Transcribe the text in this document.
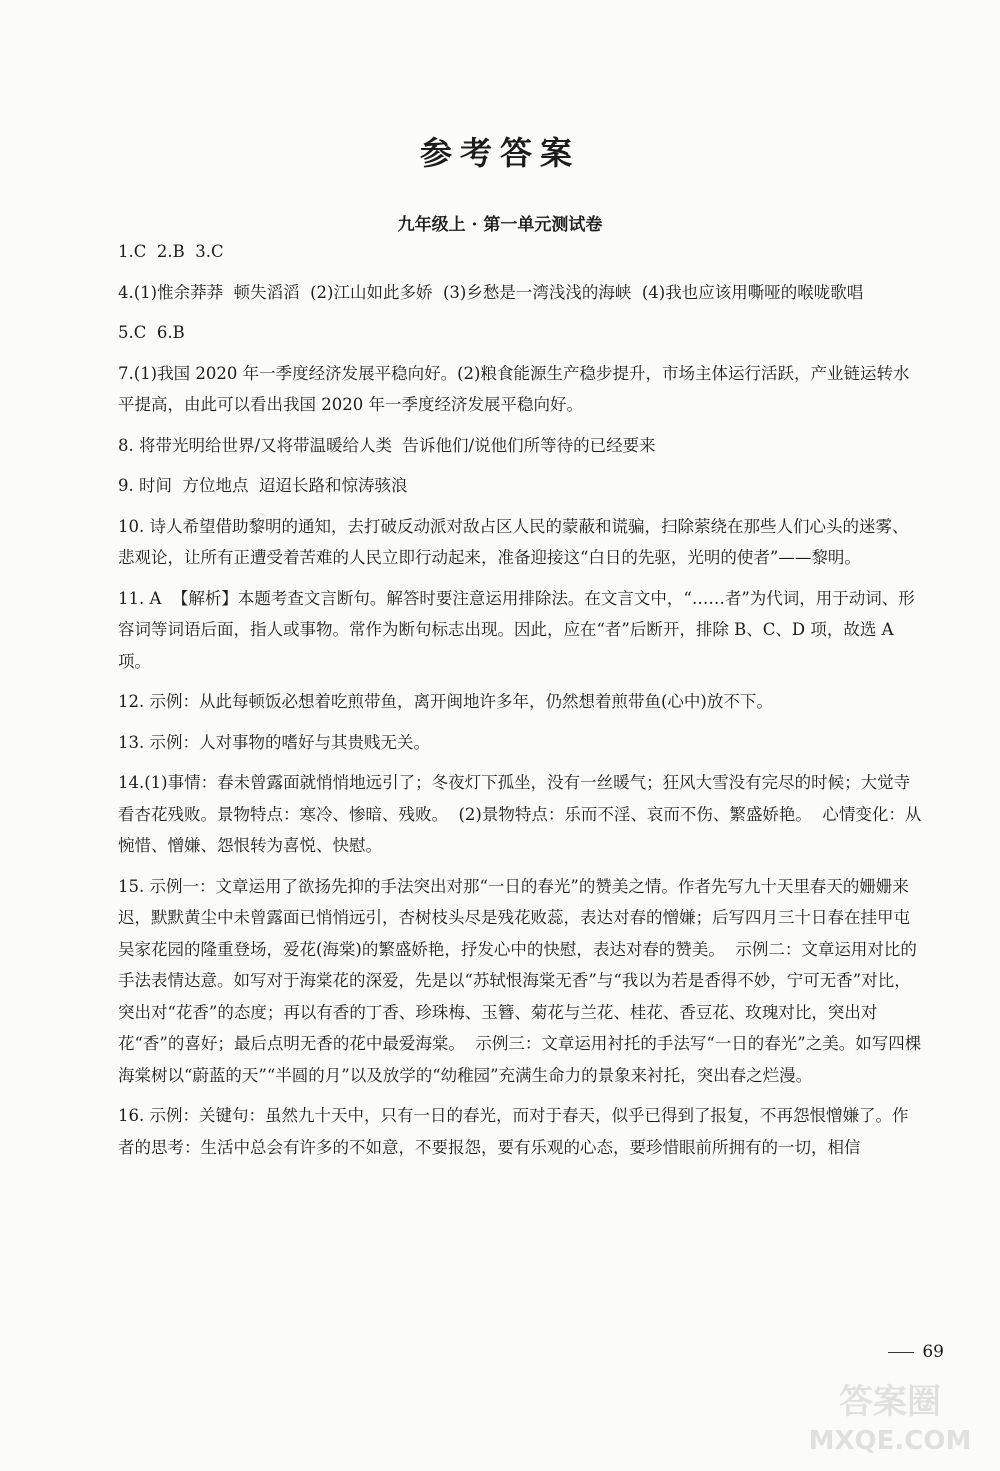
参考答案
九年级上 · 第一单元测试卷
1.C  2.B  3.C
4.(1)惟余莽莽  顿失滔滔  (2)江山如此多娇  (3)乡愁是一湾浅浅的海峡  (4)我也应该用嘶哑的喉咙歌唱
5.C  6.B
7.(1)我国 2020 年一季度经济发展平稳向好。(2)粮食能源生产稳步提升，市场主体运行活跃，产业链运转水平提高，由此可以看出我国 2020 年一季度经济发展平稳向好。
8. 将带光明给世界/又将带温暖给人类  告诉他们/说他们所等待的已经要来
9. 时间  方位地点  迢迢长路和惊涛骇浪
10. 诗人希望借助黎明的通知，去打破反动派对敌占区人民的蒙蔽和谎骗，扫除萦绕在那些人们心头的迷雾、悲观论，让所有正遭受着苦难的人民立即行动起来，准备迎接这“白日的先驱，光明的使者”——黎明。
11. A  【解析】本题考查文言断句。解答时要注意运用排除法。在文言文中，“……者”为代词，用于动词、形容词等词语后面，指人或事物。常作为断句标志出现。因此，应在“者”后断开，排除 B、C、D 项，故选 A 项。
12. 示例：从此每顿饭必想着吃煎带鱼，离开闽地许多年，仍然想着煎带鱼(心中)放不下。
13. 示例：人对事物的嗜好与其贵贱无关。
14.(1)事情：春未曾露面就悄悄地远引了；冬夜灯下孤坐，没有一丝暖气；狂风大雪没有完尽的时候；大觉寺看杏花残败。景物特点：寒冷、惨暗、残败。  (2)景物特点：乐而不淫、哀而不伤、繁盛娇艳。  心情变化：从惋惜、憎嫌、怨恨转为喜悦、快慰。
15. 示例一：文章运用了欲扬先抑的手法突出对那“一日的春光”的赞美之情。作者先写九十天里春天的姗姗来迟，默默黄尘中未曾露面已悄悄远引，杏树枝头尽是残花败蕊，表达对春的憎嫌；后写四月三十日春在挂甲屯吴家花园的隆重登场，爱花(海棠)的繁盛娇艳，抒发心中的快慰，表达对春的赞美。  示例二：文章运用对比的手法表情达意。如写对于海棠花的深爱，先是以“苏轼恨海棠无香”与“我以为若是香得不妙，宁可无香”对比，突出对“花香”的态度；再以有香的丁香、珍珠梅、玉簪、菊花与兰花、桂花、香豆花、玫瑰对比，突出对花“香”的喜好；最后点明无香的花中最爱海棠。  示例三：文章运用衬托的手法写“一日的春光”之美。如写四棵海棠树以“蔚蓝的天”“半圆的月”以及放学的“幼稚园”充满生命力的景象来衬托，突出春之烂漫。
16. 示例：关键句：虽然九十天中，只有一日的春光，而对于春天，似乎已得到了报复，不再怨恨憎嫌了。作者的思考：生活中总会有许多的不如意，不要报怨，要有乐观的心态，要珍惜眼前所拥有的一切，相信
69
答案圈
MXQE.COM
